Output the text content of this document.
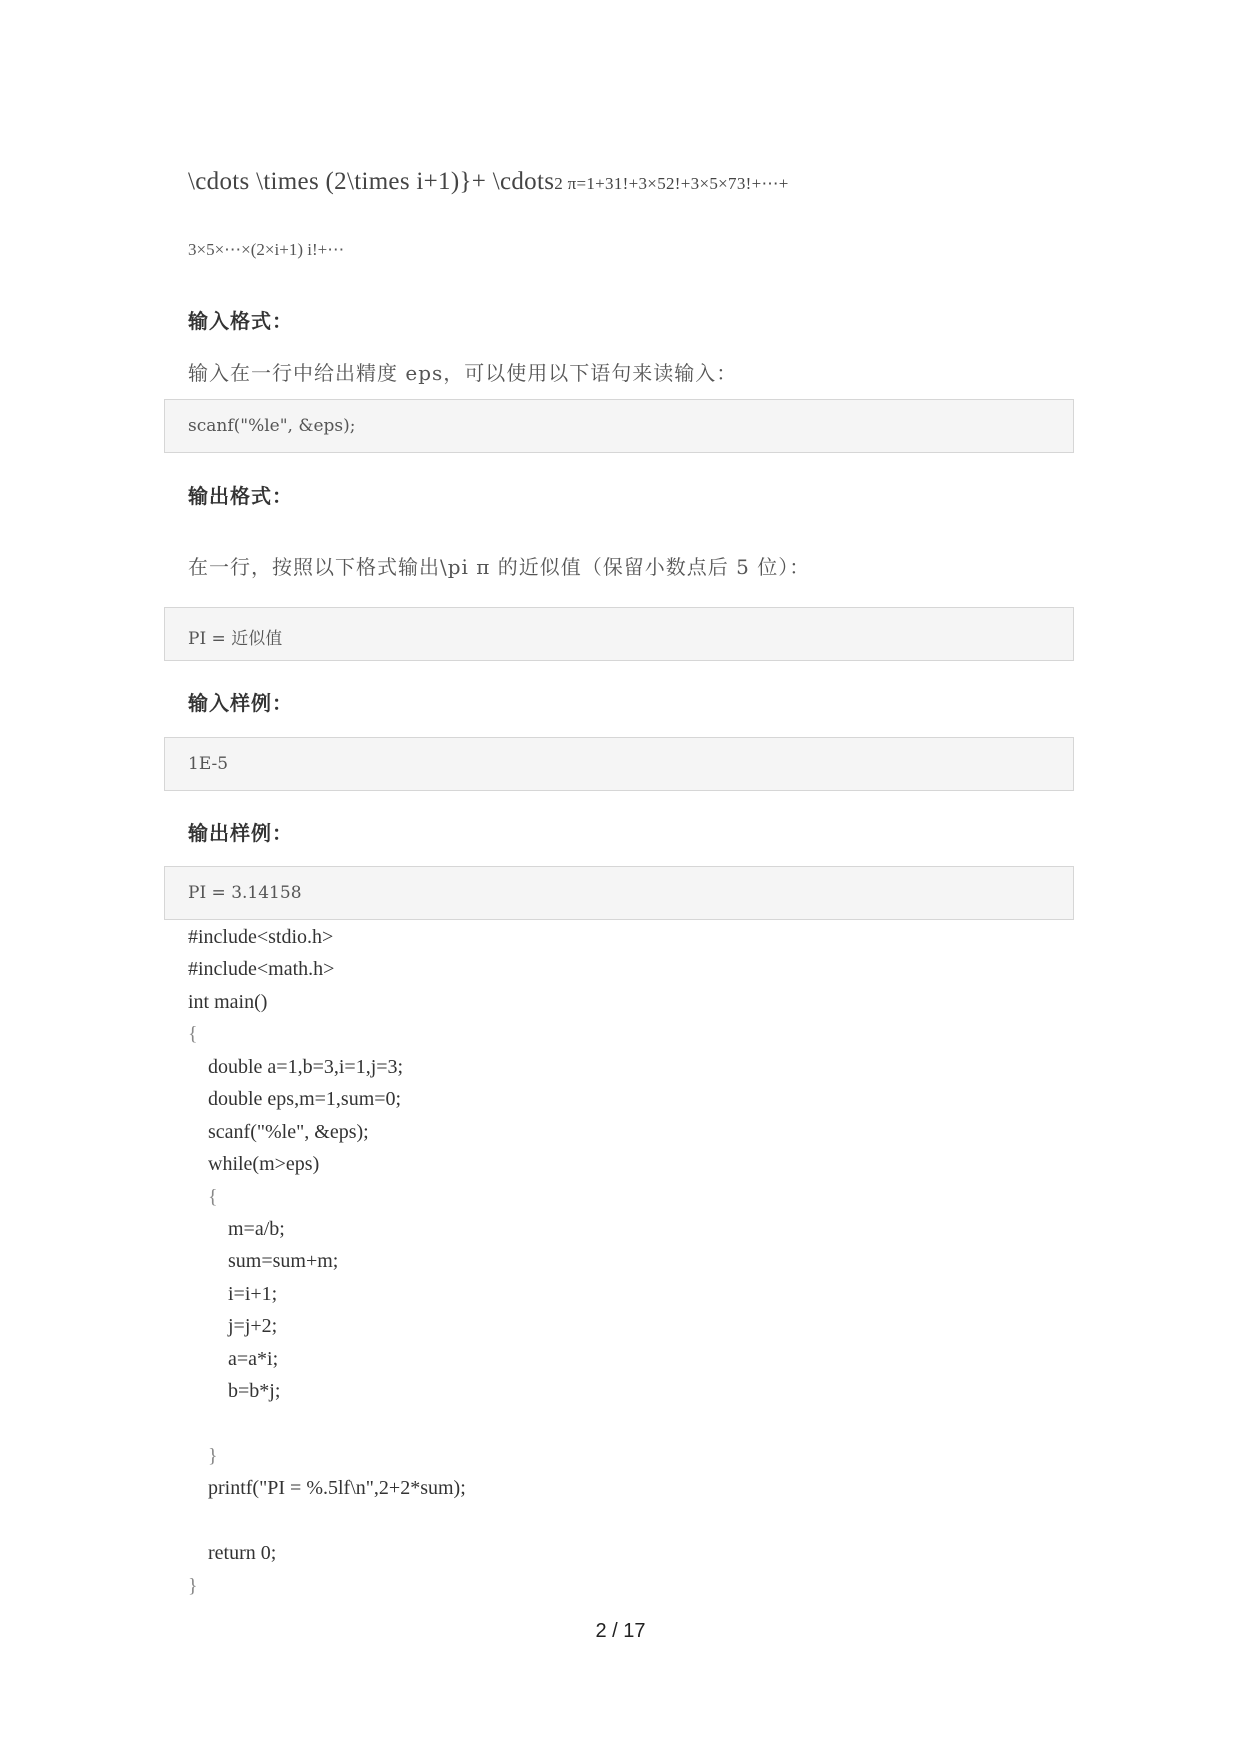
\cdots \times (2\times i+1)}+ \cdots2 π=1+31!+3×52!+3×5×73!+⋯+
3×5×⋯×(2×i+1) i!+⋯
输入格式：
输入在一行中给出精度 eps，可以使用以下语句来读输入：
scanf("%le", &eps);
输出格式：
在一行，按照以下格式输出\pi π 的近似值（保留小数点后 5 位）：
PI = 近似值
输入样例：
1E-5
输出样例：
PI = 3.14158
#include<stdio.h>
#include<math.h>
int main()
{
double a=1,b=3,i=1,j=3;
double eps,m=1,sum=0;
scanf("%le", &eps);
while(m>eps)
{
m=a/b;
sum=sum+m;
i=i+1;
j=j+2;
a=a*i;
b=b*j;
}
printf("PI = %.5lf\n",2+2*sum);
return 0;
}
2 / 17
